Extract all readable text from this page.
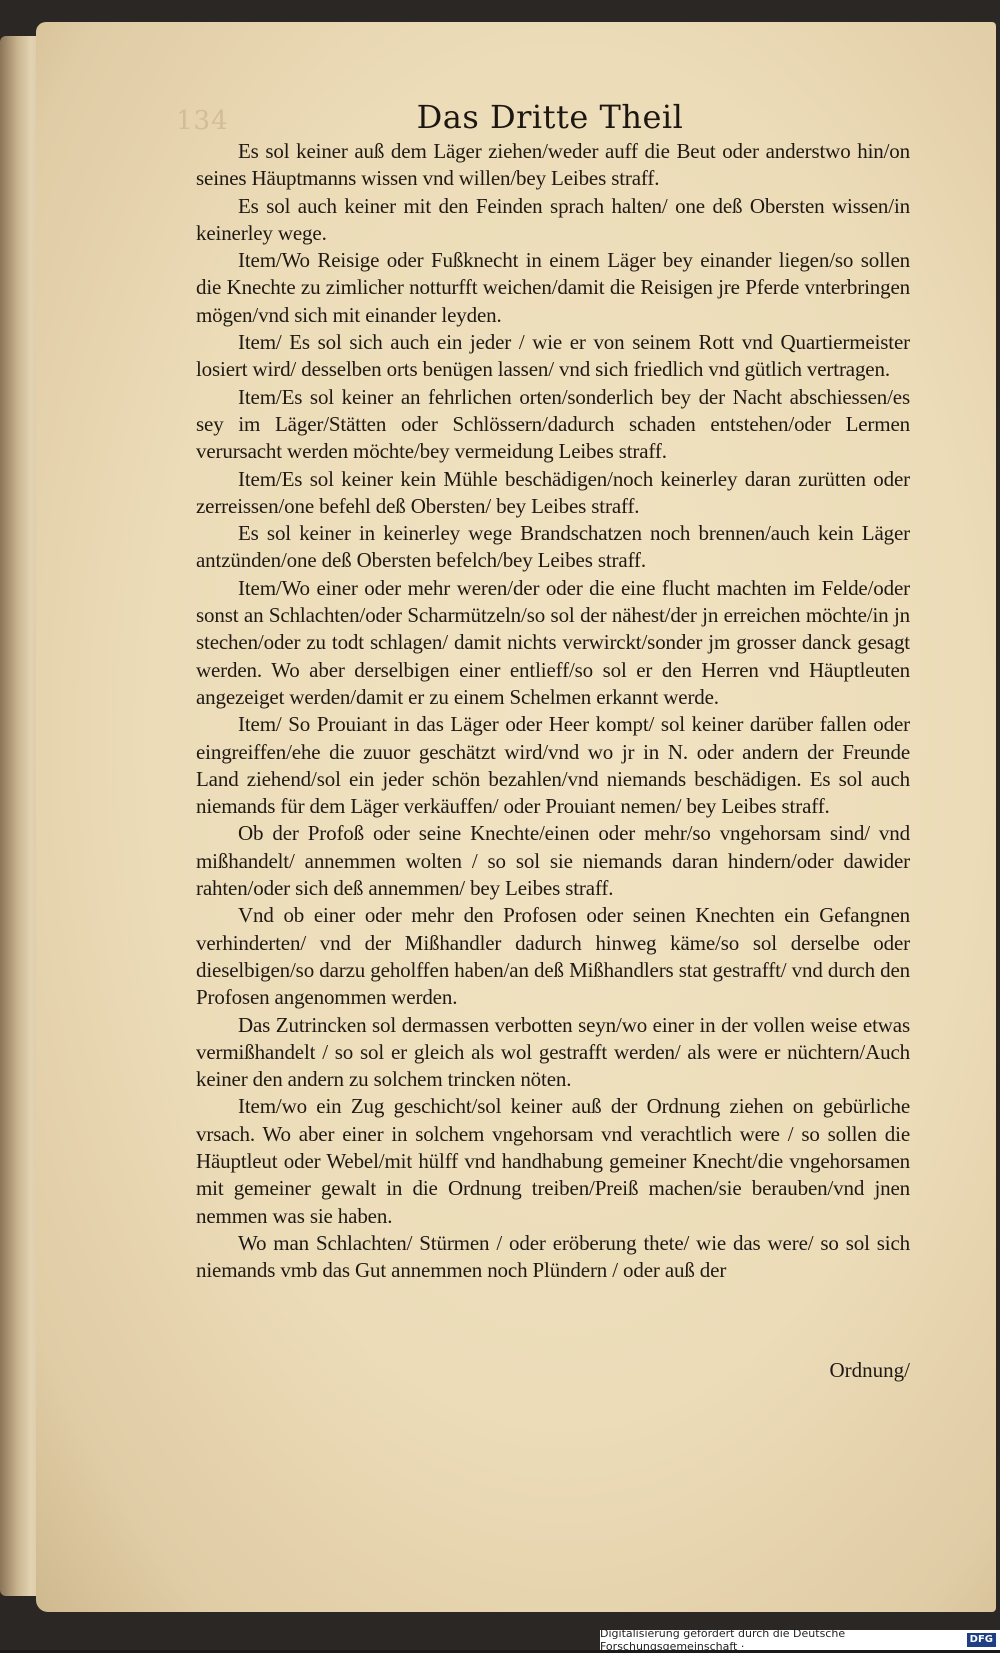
134	Das Dritte Theil

Es sol keiner auß dem Läger ziehen/weder auff die Beut oder anderstwo hin/on seines Häuptmanns wissen vnd willen/bey Leibes straff.

Es sol auch keiner mit den Feinden sprach halten/ one deß Obersten wissen/in keinerley wege.

Item/Wo Reisige oder Fußknecht in einem Läger bey einander liegen/so sollen die Knechte zu zimlicher notturfft weichen/damit die Reisigen jre Pferde vnterbringen mögen/vnd sich mit einander leyden.

Item/ Es sol sich auch ein jeder / wie er von seinem Rott vnd Quartiermeister losiert wird/ desselben orts benügen lassen/ vnd sich friedlich vnd gütlich vertragen.

Item/Es sol keiner an fehrlichen orten/sonderlich bey der Nacht abschiessen/es sey im Läger/Stätten oder Schlössern/dadurch schaden entstehen/oder Lermen verursacht werden möchte/bey vermeidung Leibes straff.

Item/Es sol keiner kein Mühle beschädigen/noch keinerley daran zurütten oder zerreissen/one befehl deß Obersten/ bey Leibes straff.

Es sol keiner in keinerley wege Brandschatzen noch brennen/auch kein Läger antzünden/one deß Obersten befelch/bey Leibes straff.

Item/Wo einer oder mehr weren/der oder die eine flucht machten im Felde/oder sonst an Schlachten/oder Scharmützeln/so sol der nähest/der jn erreichen möchte/in jn stechen/oder zu todt schlagen/ damit nichts verwirckt/sonder jm grosser danck gesagt werden. Wo aber derselbigen einer entlieff/so sol er den Herren vnd Häuptleuten angezeiget werden/damit er zu einem Schelmen erkannt werde.

Item/ So Prouiant in das Läger oder Heer kompt/ sol keiner darüber fallen oder eingreiffen/ehe die zuuor geschätzt wird/vnd wo jr in N. oder andern der Freunde Land ziehend/sol ein jeder schön bezahlen/vnd niemands beschädigen. Es sol auch niemands für dem Läger verkäuffen/ oder Prouiant nemen/ bey Leibes straff.

Ob der Profoß oder seine Knechte/einen oder mehr/so vngehorsam sind/ vnd mißhandelt/ annemmen wolten / so sol sie niemands daran hindern/oder dawider rahten/oder sich deß annemmen/ bey Leibes straff.

Vnd ob einer oder mehr den Profosen oder seinen Knechten ein Gefangnen verhinderten/ vnd der Mißhandler dadurch hinweg käme/so sol derselbe oder dieselbigen/so darzu geholffen haben/an deß Mißhandlers stat gestrafft/ vnd durch den Profosen angenommen werden.

Das Zutrincken sol dermassen verbotten seyn/wo einer in der vollen weise etwas vermißhandelt / so sol er gleich als wol gestrafft werden/ als were er nüchtern/Auch keiner den andern zu solchem trincken nöten.

Item/wo ein Zug geschicht/sol keiner auß der Ordnung ziehen on gebürliche vrsach. Wo aber einer in solchem vngehorsam vnd verachtlich were / so sollen die Häuptleut oder Webel/mit hülff vnd handhabung gemeiner Knecht/die vngehorsamen mit gemeiner gewalt in die Ordnung treiben/Preiß machen/sie berauben/vnd jnen nemmen was sie haben.

Wo man Schlachten/ Stürmen / oder eröberung thete/ wie das were/ so sol sich niemands vmb das Gut annemmen noch Plündern / oder auß der

Ordnung/
Digitalisierung gefördert durch die Deutsche Forschungsgemeinschaft ·
DFG
